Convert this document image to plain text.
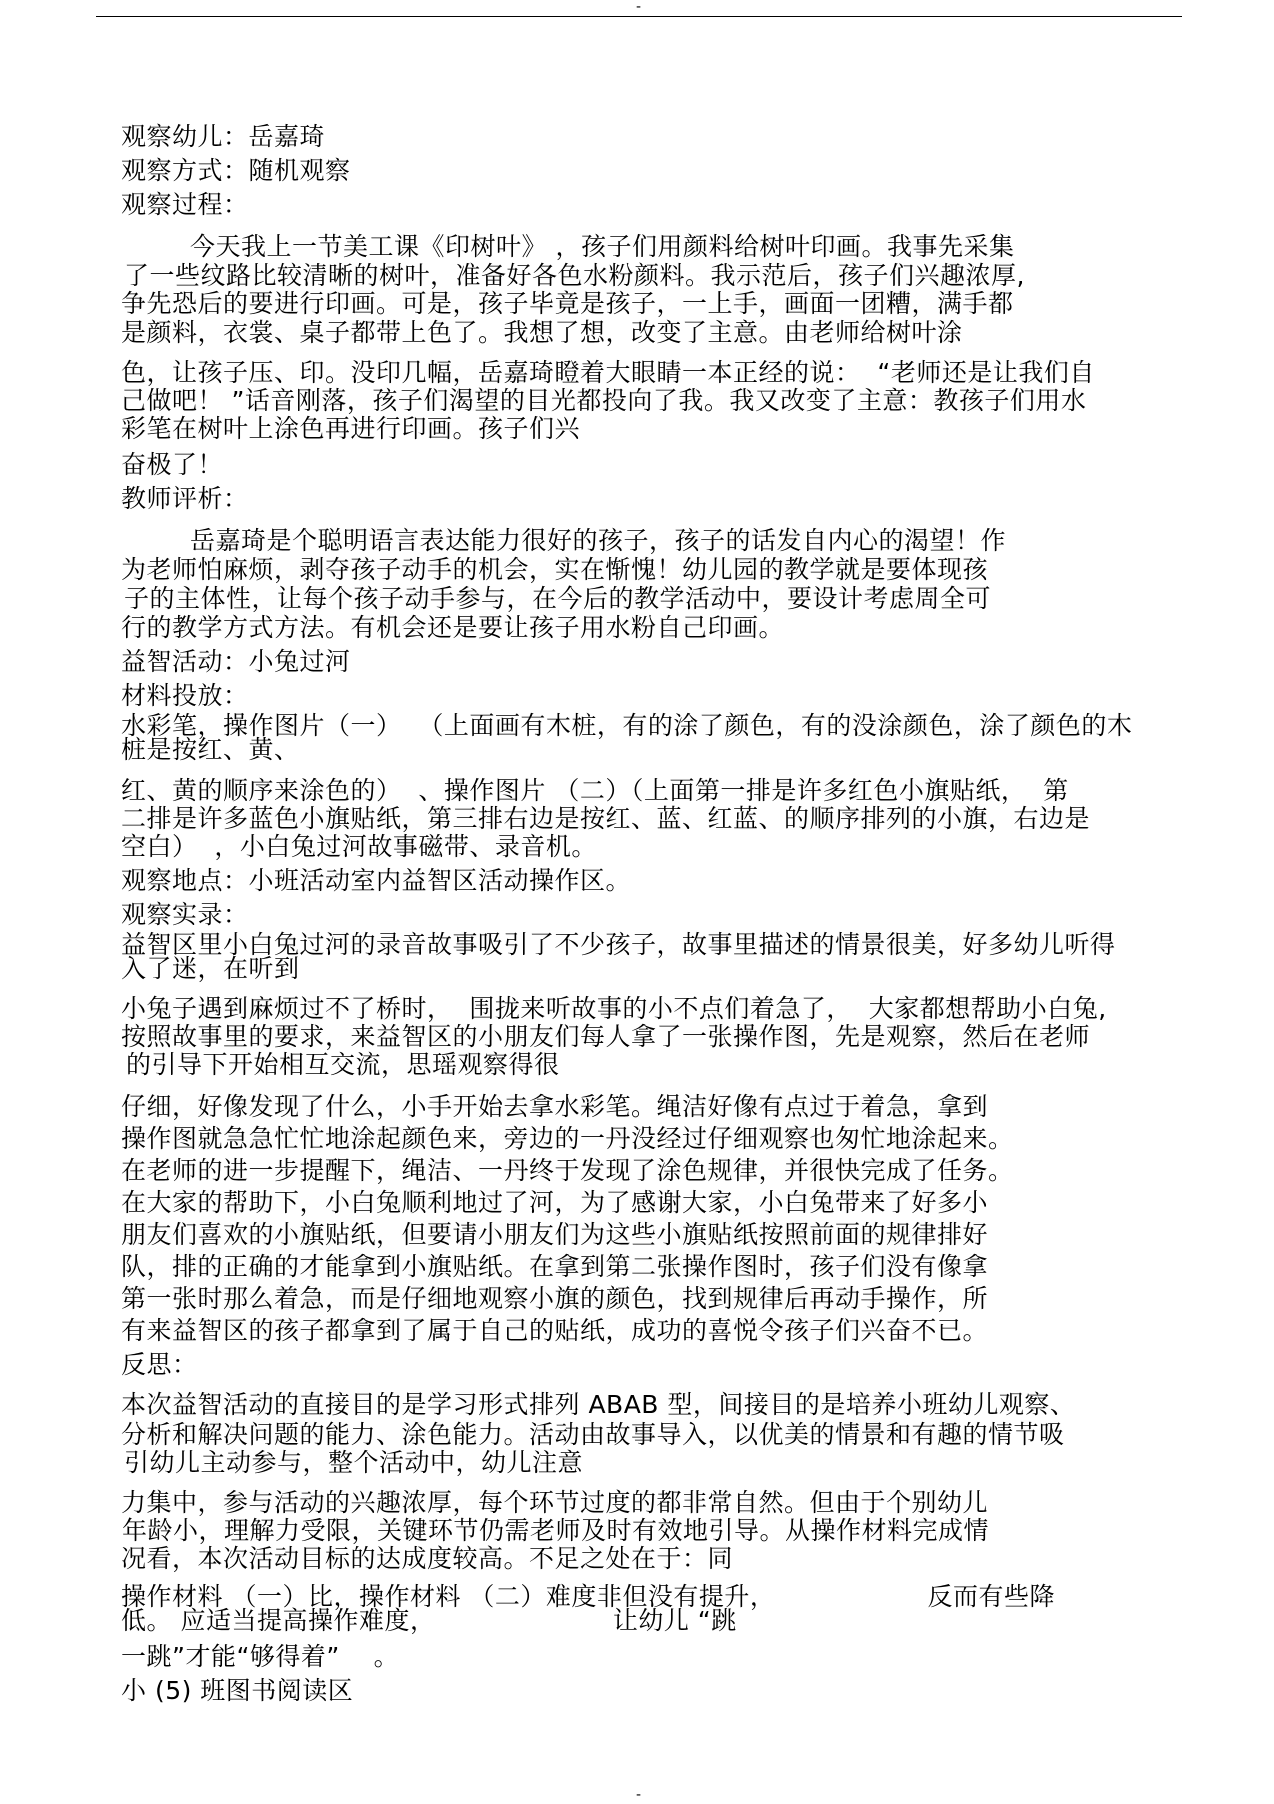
-
观察幼儿：岳嘉琦
观察方式：随机观察
观察过程：
今天我上一节美工课《印树叶》 ，孩子们用颜料给树叶印画。我事先采集
了一些纹路比较清晰的树叶，准备好各色水粉颜料。我示范后，孩子们兴趣浓厚,
争先恐后的要进行印画。可是，孩子毕竟是孩子，一上手，画面一团糟，满手都
是颜料，衣裳、桌子都带上色了。我想了想，改变了主意。由老师给树叶涂
色，让孩子压、印。没印几幅，岳嘉琦瞪着大眼睛一本正经的说：  “老师还是让我们自
己做吧！ ”话音刚落，孩子们渴望的目光都投向了我。我又改变了主意：教孩子们用水
彩笔在树叶上涂色再进行印画。孩子们兴
奋极了！
教师评析：
岳嘉琦是个聪明语言表达能力很好的孩子，孩子的话发自内心的渴望！作
为老师怕麻烦，剥夺孩子动手的机会，实在惭愧！幼儿园的教学就是要体现孩
子的主体性，让每个孩子动手参与，在今后的教学活动中，要设计考虑周全可
行的教学方式方法。有机会还是要让孩子用水粉自己印画。
益智活动：小兔过河
材料投放：
水彩笔，操作图片（一）  （上面画有木桩，有的涂了颜色，有的没涂颜色，涂了颜色的木
桩是按红、黄、
红、黄的顺序来涂色的）  、操作图片 （二）（上面第一排是许多红色小旗贴纸，  第
二排是许多蓝色小旗贴纸，第三排右边是按红、蓝、红蓝、的顺序排列的小旗，右边是
空白）  ，小白兔过河故事磁带、录音机。
观察地点：小班活动室内益智区活动操作区。
观察实录：
益智区里小白兔过河的录音故事吸引了不少孩子，故事里描述的情景很美，好多幼儿听得
入了迷，在听到
小兔子遇到麻烦过不了桥时，  围拢来听故事的小不点们着急了，  大家都想帮助小白兔,
按照故事里的要求，来益智区的小朋友们每人拿了一张操作图，先是观察，然后在老师
的引导下开始相互交流，思瑶观察得很
仔细，好像发现了什么，小手开始去拿水彩笔。绳洁好像有点过于着急，拿到
操作图就急急忙忙地涂起颜色来，旁边的一丹没经过仔细观察也匆忙地涂起来。
在老师的进一步提醒下，绳洁、一丹终于发现了涂色规律，并很快完成了任务。
在大家的帮助下，小白兔顺利地过了河，为了感谢大家，小白兔带来了好多小
朋友们喜欢的小旗贴纸，但要请小朋友们为这些小旗贴纸按照前面的规律排好
队，排的正确的才能拿到小旗贴纸。在拿到第二张操作图时，孩子们没有像拿
第一张时那么着急，而是仔细地观察小旗的颜色，找到规律后再动手操作，所
有来益智区的孩子都拿到了属于自己的贴纸，成功的喜悦令孩子们兴奋不已。
反思：
本次益智活动的直接目的是学习形式排列 ABAB 型，间接目的是培养小班幼儿观察、
分析和解决问题的能力、涂色能力。活动由故事导入，以优美的情景和有趣的情节吸
引幼儿主动参与，整个活动中，幼儿注意
力集中，参与活动的兴趣浓厚，每个环节过度的都非常自然。但由于个别幼儿
年龄小，理解力受限，关键环节仍需老师及时有效地引导。从操作材料完成情
况看，本次活动目标的达成度较高。不足之处在于：同
操作材料 （一）比，操作材料 （二）难度非但没有提升，                  反而有些降
低。 应适当提高操作难度，                     让幼儿 “跳
一跳”才能“够得着”    。
小 (5) 班图书阅读区
-
